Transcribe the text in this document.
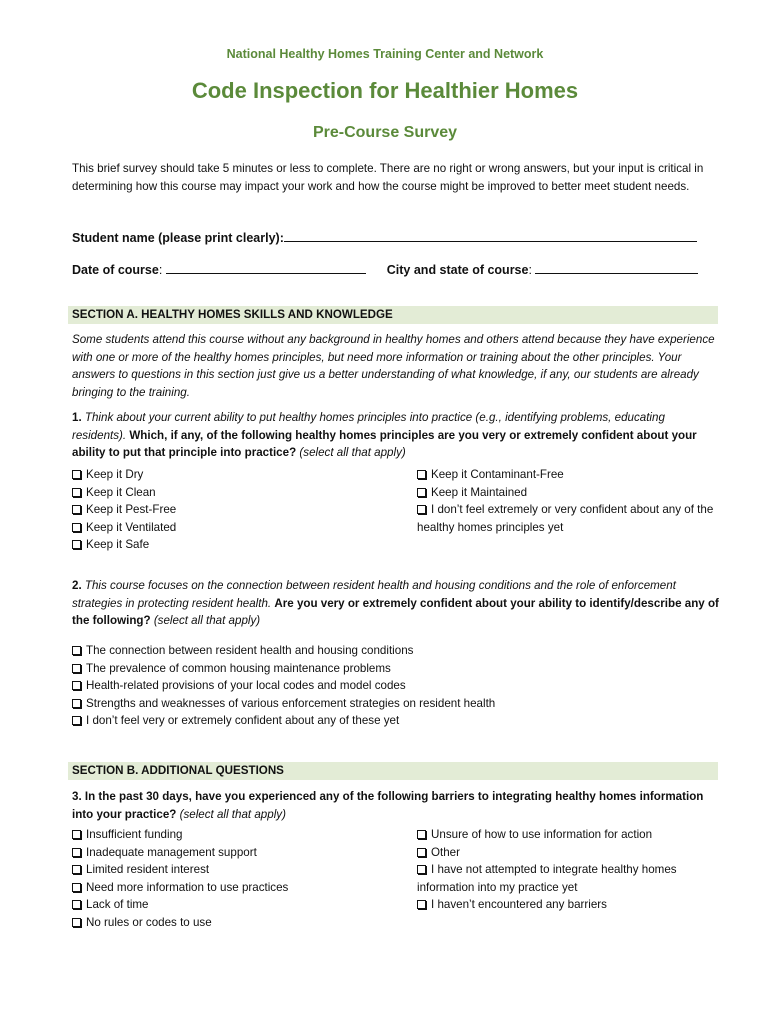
National Healthy Homes Training Center and Network
Code Inspection for Healthier Homes
Pre-Course Survey
This brief survey should take 5 minutes or less to complete. There are no right or wrong answers, but your input is critical in determining how this course may impact your work and how the course might be improved to better meet student needs.
Student name (please print clearly):
Date of course:	City and state of course:
SECTION A. HEALTHY HOMES SKILLS AND KNOWLEDGE
Some students attend this course without any background in healthy homes and others attend because they have experience with one or more of the healthy homes principles, but need more information or training about the other principles. Your answers to questions in this section just give us a better understanding of what knowledge, if any, our students are already bringing to the training.
1. Think about your current ability to put healthy homes principles into practice (e.g., identifying problems, educating residents). Which, if any, of the following healthy homes principles are you very or extremely confident about your ability to put that principle into practice? (select all that apply)
Keep it Dry
Keep it Clean
Keep it Pest-Free
Keep it Ventilated
Keep it Safe
Keep it Contaminant-Free
Keep it Maintained
I don’t feel extremely or very confident about any of the healthy homes principles yet
2. This course focuses on the connection between resident health and housing conditions and the role of enforcement strategies in protecting resident health. Are you very or extremely confident about your ability to identify/describe any of the following? (select all that apply)
The connection between resident health and housing conditions
The prevalence of common housing maintenance problems
Health-related provisions of your local codes and model codes
Strengths and weaknesses of various enforcement strategies on resident health
I don’t feel very or extremely confident about any of these yet
SECTION B. ADDITIONAL QUESTIONS
3. In the past 30 days, have you experienced any of the following barriers to integrating healthy homes information into your practice? (select all that apply)
Insufficient funding
Inadequate management support
Limited resident interest
Need more information to use practices
Lack of time
No rules or codes to use
Unsure of how to use information for action
Other
I have not attempted to integrate healthy homes information into my practice yet
I haven’t encountered any barriers
